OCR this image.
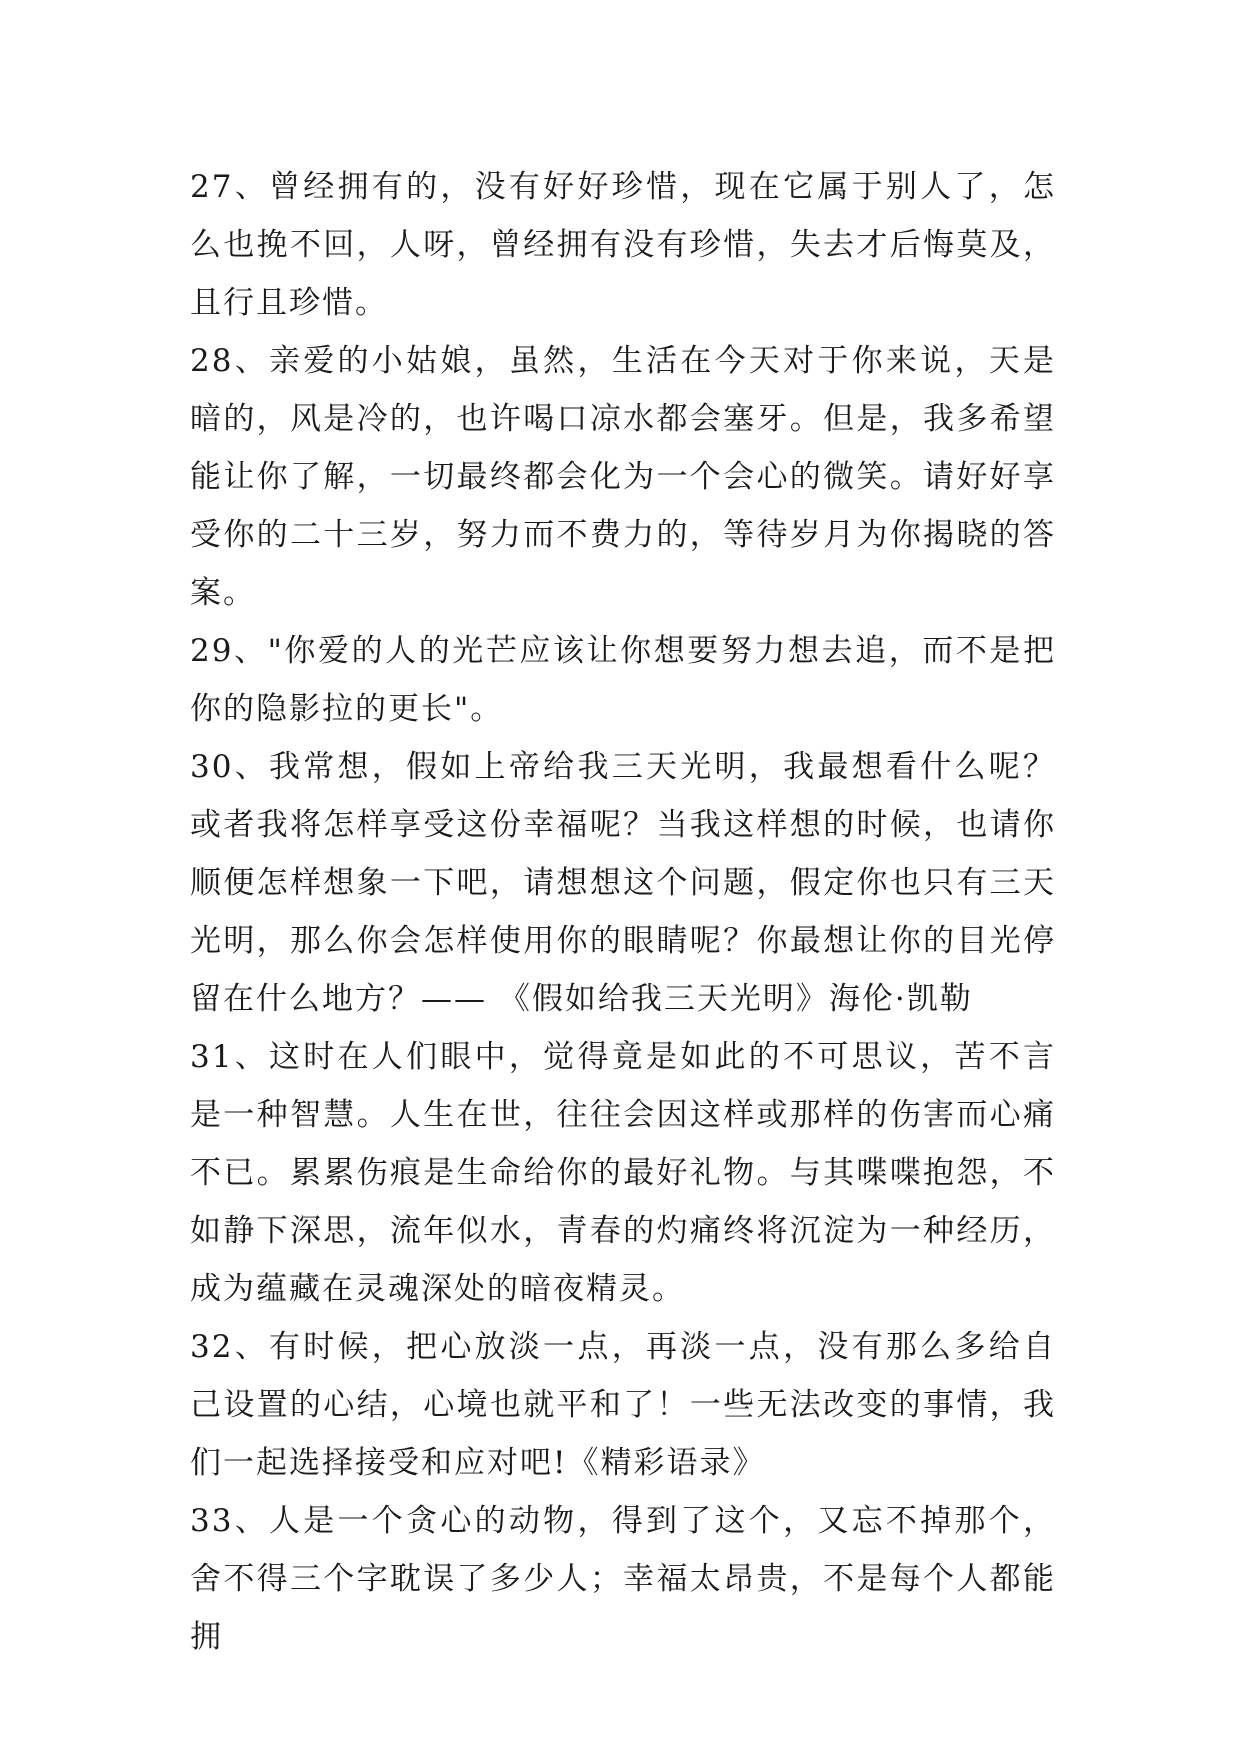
27、曾经拥有的，没有好好珍惜，现在它属于别人了，怎么也挽不回，人呀，曾经拥有没有珍惜，失去才后悔莫及，且行且珍惜。

28、亲爱的小姑娘，虽然，生活在今天对于你来说，天是暗的，风是冷的，也许喝口凉水都会塞牙。但是，我多希望能让你了解，一切最终都会化为一个会心的微笑。请好好享受你的二十三岁，努力而不费力的，等待岁月为你揭晓的答案。

29、"你爱的人的光芒应该让你想要努力想去追，而不是把你的隐影拉的更长"。

30、我常想，假如上帝给我三天光明，我最想看什么呢？或者我将怎样享受这份幸福呢？当我这样想的时候，也请你顺便怎样想象一下吧，请想想这个问题，假定你也只有三天光明，那么你会怎样使用你的眼睛呢？你最想让你的目光停留在什么地方？—— 《假如给我三天光明》海伦·凯勒

31、这时在人们眼中，觉得竟是如此的不可思议，苦不言是一种智慧。人生在世，往往会因这样或那样的伤害而心痛不已。累累伤痕是生命给你的最好礼物。与其喋喋抱怨，不如静下深思，流年似水，青春的灼痛终将沉淀为一种经历，成为蕴藏在灵魂深处的暗夜精灵。

32、有时候，把心放淡一点，再淡一点，没有那么多给自己设置的心结，心境也就平和了！一些无法改变的事情，我们一起选择接受和应对吧!《精彩语录》

33、人是一个贪心的动物，得到了这个，又忘不掉那个，舍不得三个字耽误了多少人；幸福太昂贵，不是每个人都能拥
